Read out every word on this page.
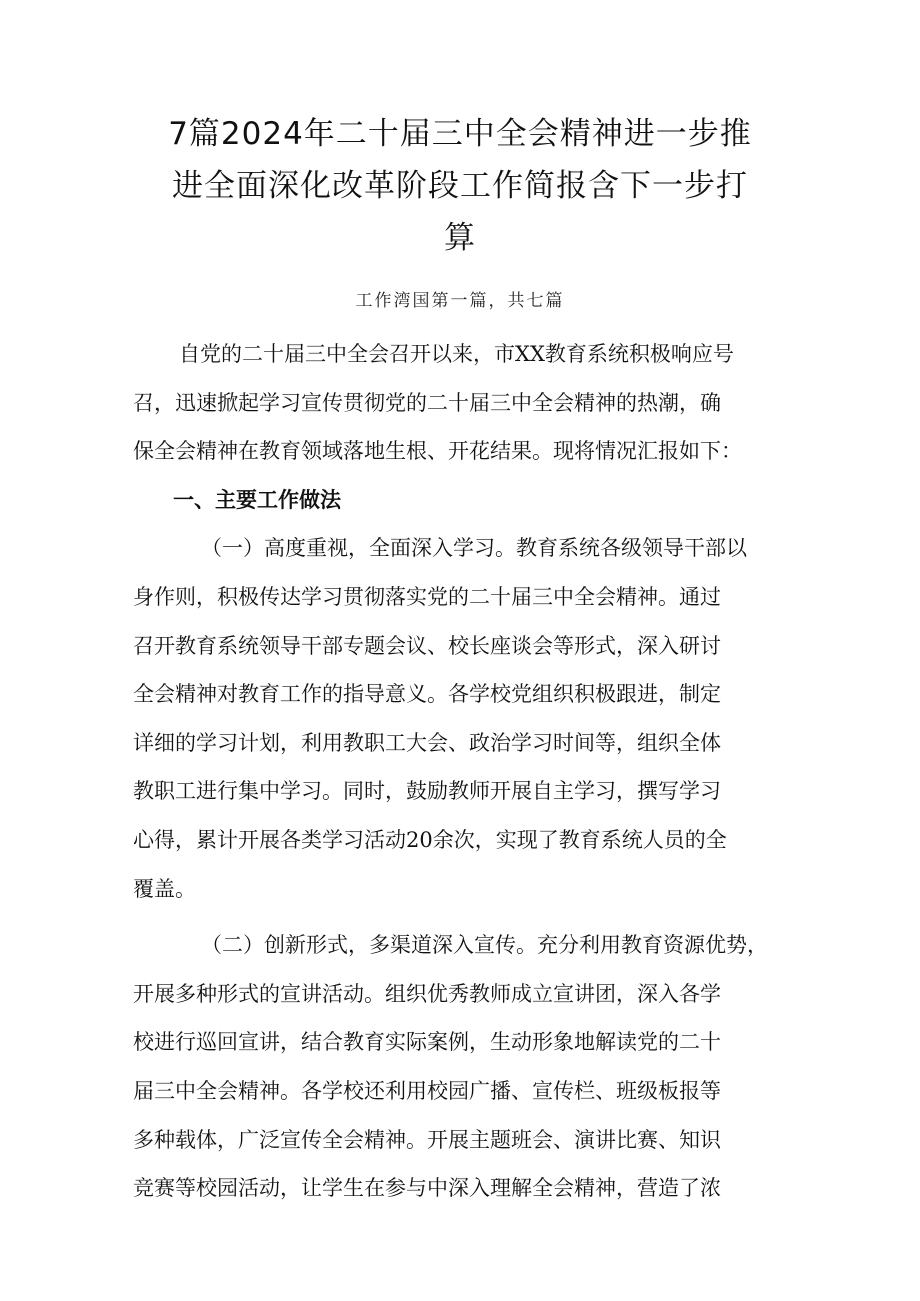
7篇2024年二十届三中全会精神进一步推
进全面深化改革阶段工作简报含下一步打
算
工作湾国第一篇，共七篇
自党的二十届三中全会召开以来，市XX教育系统积极响应号
召，迅速掀起学习宣传贯彻党的二十届三中全会精神的热潮，确
保全会精神在教育领域落地生根、开花结果。现将情况汇报如下：
一、主要工作做法
（一）高度重视，全面深入学习。教育系统各级领导干部以
身作则，积极传达学习贯彻落实党的二十届三中全会精神。通过
召开教育系统领导干部专题会议、校长座谈会等形式，深入研讨
全会精神对教育工作的指导意义。各学校党组织积极跟进，制定
详细的学习计划，利用教职工大会、政治学习时间等，组织全体
教职工进行集中学习。同时，鼓励教师开展自主学习，撰写学习
心得，累计开展各类学习活动20余次，实现了教育系统人员的全
覆盖。
（二）创新形式，多渠道深入宣传。充分利用教育资源优势，
开展多种形式的宣讲活动。组织优秀教师成立宣讲团，深入各学
校进行巡回宣讲，结合教育实际案例，生动形象地解读党的二十
届三中全会精神。各学校还利用校园广播、宣传栏、班级板报等
多种载体，广泛宣传全会精神。开展主题班会、演讲比赛、知识
竞赛等校园活动，让学生在参与中深入理解全会精神，营造了浓
